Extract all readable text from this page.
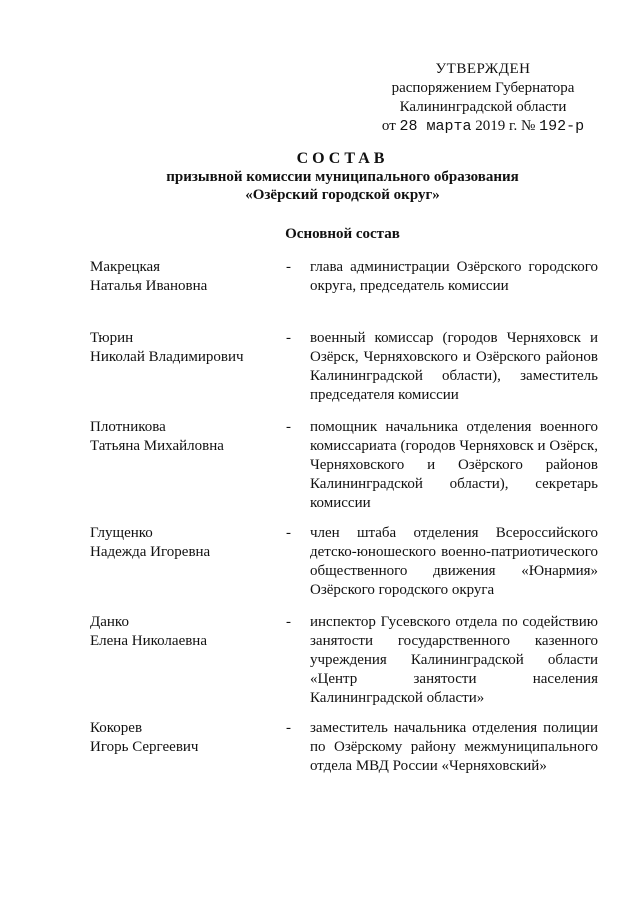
УТВЕРЖДЕН
распоряжением Губернатора
Калининградской области
от 28 марта 2019 г. № 192-р
СОСТАВ
призывной комиссии муниципального образования
«Озёрский городской округ»
Основной состав
Макрецкая
Наталья Ивановна
-	глава администрации Озёрского городского округа, председатель комиссии
Тюрин
Николай Владимирович
-	военный комиссар (городов Черняховск и Озёрск, Черняховского и Озёрского районов Калининградской области), заместитель председателя комиссии
Плотникова
Татьяна Михайловна
-	помощник начальника отделения военного комиссариата (городов Черняховск и Озёрск, Черняховского и Озёрского районов Калининградской области), секретарь комиссии
Глущенко
Надежда Игоревна
-	член штаба отделения Всероссийского детско-юношеского военно-патриотического общественного движения «Юнармия» Озёрского городского округа
Данко
Елена Николаевна
-	инспектор Гусевского отдела по содействию занятости государственного казенного учреждения Калининградской области «Центр занятости населения Калининградской области»
Кокорев
Игорь Сергеевич
-	заместитель начальника отделения полиции по Озёрскому району межмуниципального отдела МВД России «Черняховский»
